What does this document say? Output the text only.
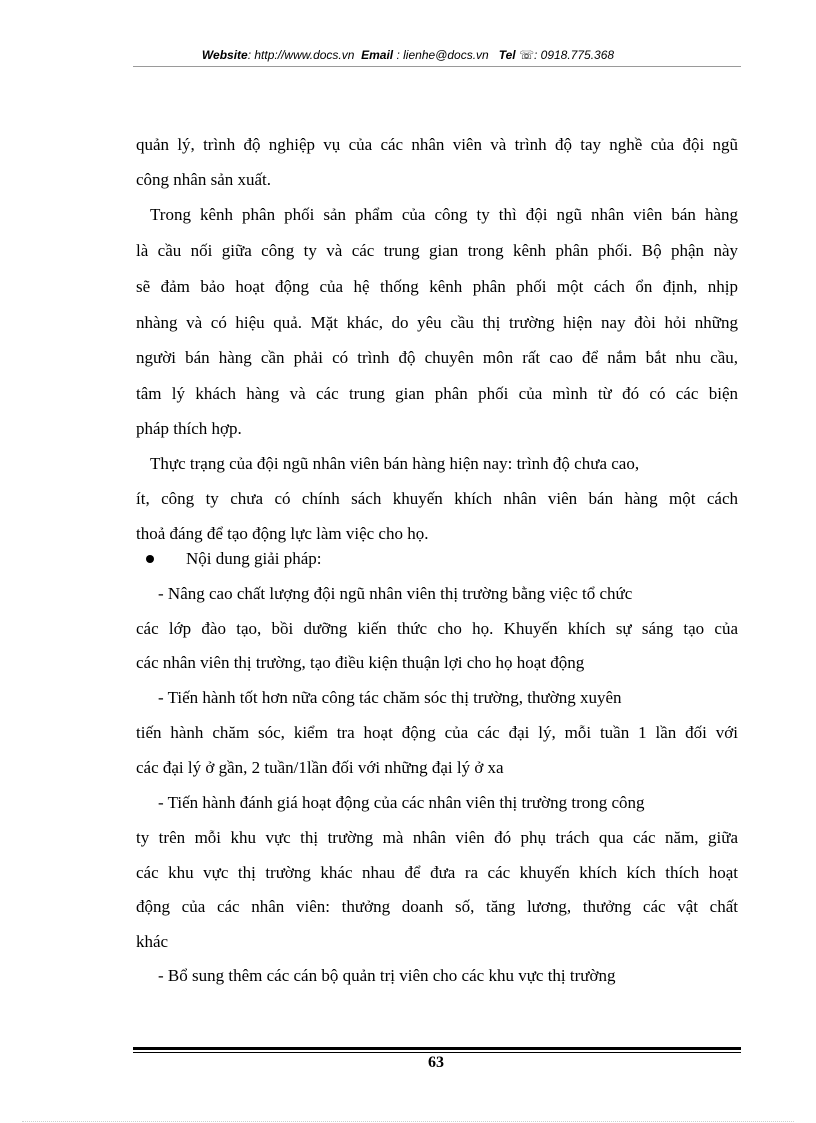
Website: http://www.docs.vn Email : lienhe@docs.vn Tel ☏: 0918.775.368
quản lý, trình độ nghiệp vụ của các nhân viên và trình độ tay nghề của đội ngũ
công nhân sản xuất.
Trong kênh phân phối sản phẩm của công ty thì đội ngũ nhân viên bán hàng
là cầu nối giữa công ty và các trung gian trong kênh phân phối. Bộ phận này
sẽ đảm bảo hoạt động của hệ thống kênh phân phối một cách ổn định, nhịp
nhàng và có hiệu quả. Mặt khác, do yêu cầu thị trường hiện nay đòi hỏi những
người bán hàng cần phải có trình độ chuyên môn rất cao để nắm bắt nhu cầu,
tâm lý khách hàng và các trung gian phân phối của mình từ đó có các biện
pháp thích hợp.
Thực trạng của đội ngũ nhân viên bán hàng hiện nay: trình độ chưa cao,
ít, công ty chưa có chính sách khuyến khích nhân viên bán hàng một cách
thoả đáng để tạo động lực làm việc cho họ.
Nội dung giải pháp:
- Nâng cao chất lượng đội ngũ nhân viên thị trường bằng việc tổ chức
các lớp đào tạo, bồi dưỡng kiến thức cho họ. Khuyến khích sự sáng tạo của
các nhân viên thị trường, tạo điều kiện thuận lợi cho họ hoạt động
- Tiến hành tốt hơn nữa công tác chăm sóc thị trường, thường xuyên
tiến hành chăm sóc, kiểm tra hoạt động của các đại lý, mỗi tuần 1 lần đối với
các đại lý ở gần, 2 tuần/1lần đối với những đại lý ở xa
- Tiến hành đánh giá hoạt động của các nhân viên thị trường trong công
ty trên mỗi khu vực thị trường mà nhân viên đó phụ trách qua các năm, giữa
các khu vực thị trường khác nhau để đưa ra các khuyến khích kích thích hoạt
động của các nhân viên: thưởng doanh số, tăng lương, thưởng các vật chất
khác
- Bổ sung thêm các cán bộ quản trị viên cho các khu vực thị trường
63
